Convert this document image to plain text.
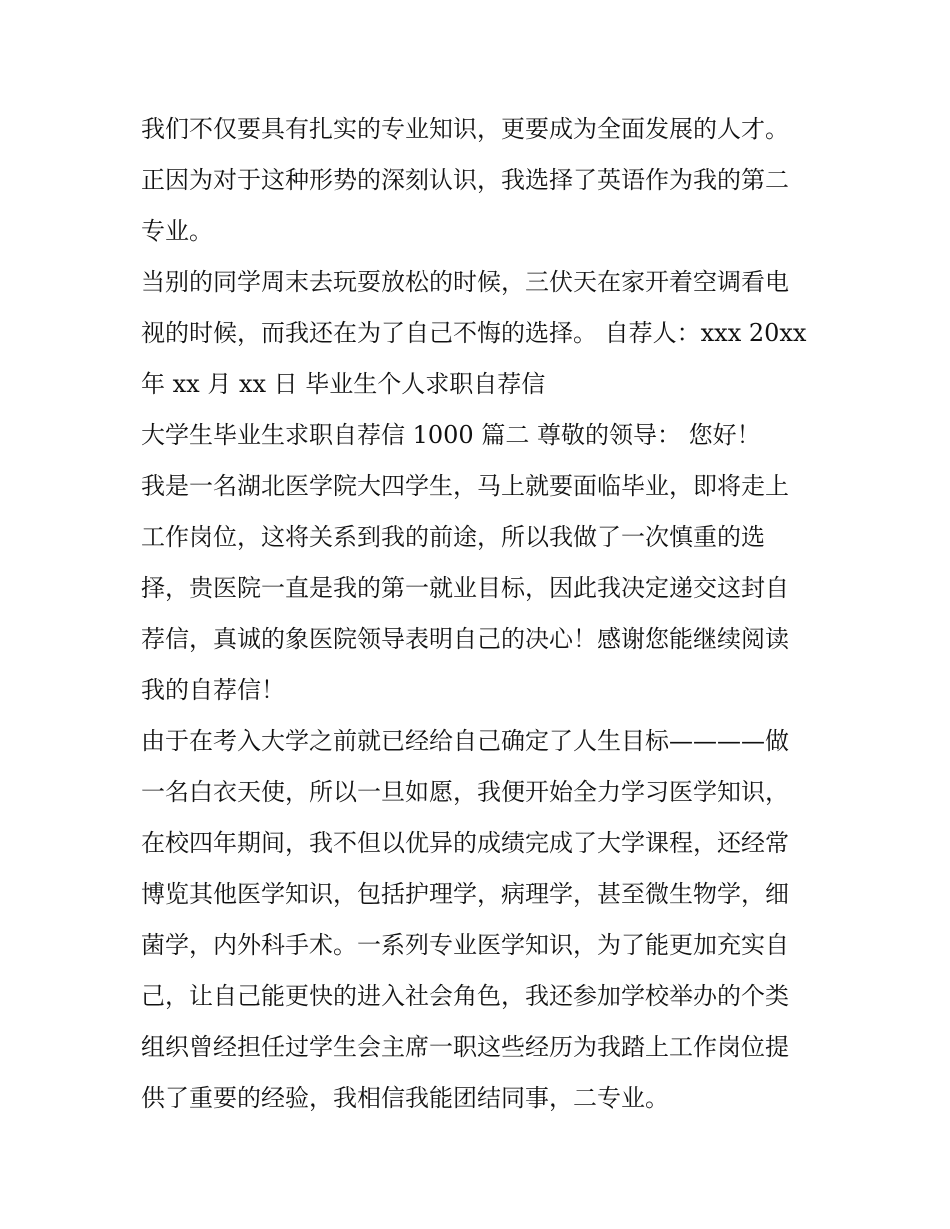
我们不仅要具有扎实的专业知识，更要成为全面发展的人才。
正因为对于这种形势的深刻认识，我选择了英语作为我的第二
专业。
当别的同学周末去玩耍放松的时候，三伏天在家开着空调看电
视的时候，而我还在为了自己不悔的选择。 自荐人：xxx 20xx
年 xx 月 xx 日 毕业生个人求职自荐信
大学生毕业生求职自荐信 1000 篇二 尊敬的领导： 您好！
我是一名湖北医学院大四学生，马上就要面临毕业，即将走上
工作岗位，这将关系到我的前途，所以我做了一次慎重的选
择，贵医院一直是我的第一就业目标，因此我决定递交这封自
荐信，真诚的象医院领导表明自己的决心！感谢您能继续阅读
我的自荐信！
由于在考入大学之前就已经给自己确定了人生目标————做
一名白衣天使，所以一旦如愿，我便开始全力学习医学知识，
在校四年期间，我不但以优异的成绩完成了大学课程，还经常
博览其他医学知识，包括护理学，病理学，甚至微生物学，细
菌学，内外科手术。一系列专业医学知识，为了能更加充实自
己，让自己能更快的进入社会角色，我还参加学校举办的个类
组织曾经担任过学生会主席一职这些经历为我踏上工作岗位提
供了重要的经验，我相信我能团结同事，二专业。
